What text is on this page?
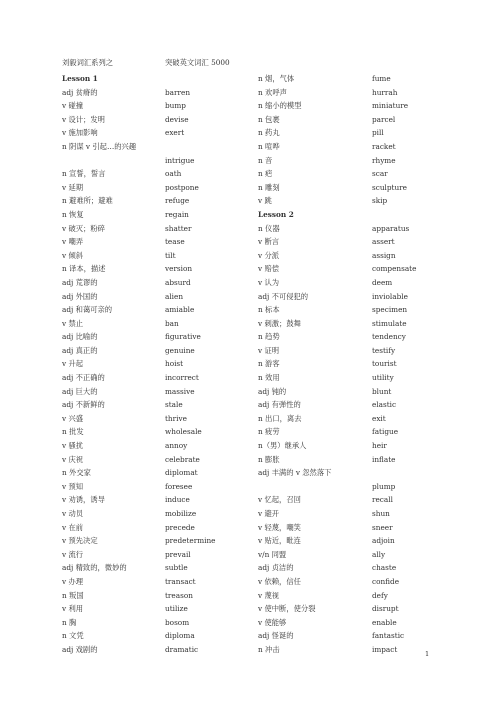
刘毅词汇系列之	突破英文词汇 5000
Lesson 1
adj 贫瘠的	barren
v 碰撞	bump
v 设计；发明	devise
v 施加影响	exert
n 阴谋 v 引起…的兴趣
intrigue
n 宣誓，誓言	oath
v 延期	postpone
n 避难所；避难	refuge
n 恢复	regain
v 破灭；粉碎	shatter
v 嘲弄	tease
v 倾斜	tilt
n 译本，描述	version
adj 荒谬的	absurd
adj 外国的	alien
adj 和蔼可亲的	amiable
v 禁止	ban
adj 比喻的	figurative
adj 真正的	genuine
v 升起	hoist
adj 不正确的	incorrect
adj 巨大的	massive
adj 不新鲜的	stale
v 兴盛	thrive
n 批发	wholesale
v 骚扰	annoy
v 庆祝	celebrate
n 外交家	diplomat
v 预知	foresee
v 劝诱，诱导	induce
v 动员	mobilize
v 在前	precede
v 预先决定	predetermine
v 流行	prevail
adj 精致的，微妙的	subtle
v 办理	transact
n 叛国	treason
v 利用	utilize
n 胸	bosom
n 文凭	diploma
adj 戏剧的	dramatic
n 烟，气体	fume
n 欢呼声	hurrah
n 缩小的模型	miniature
n 包裹	parcel
n 药丸	pill
n 喧哗	racket
n 音	rhyme
n 疤	scar
n 雕刻	sculpture
v 跳	skip
Lesson 2
n 仪器	apparatus
v 断言	assert
v 分派	assign
v 赔偿	compensate
v 认为	deem
adj 不可侵犯的	inviolable
n 标本	specimen
v 刺激；鼓舞	stimulate
n 趋势	tendency
v 证明	testify
n 游客	tourist
n 效用	utility
adj 钝的	blunt
adj 有弹性的	elastic
n 出口，离去	exit
n 疲劳	fatigue
n（男）继承人	heir
n 膨胀	inflate
adj 丰满的 v 忽然落下
plump
v 忆起，召回	recall
v 避开	shun
v 轻蔑，嘲笑	sneer
v 贴近，毗连	adjoin
v/n 同盟	ally
adj 贞洁的	chaste
v 依赖，信任	confide
v 蔑视	defy
v 使中断，使分裂	disrupt
v 使能够	enable
adj 怪诞的	fantastic
n 冲击	impact
1
